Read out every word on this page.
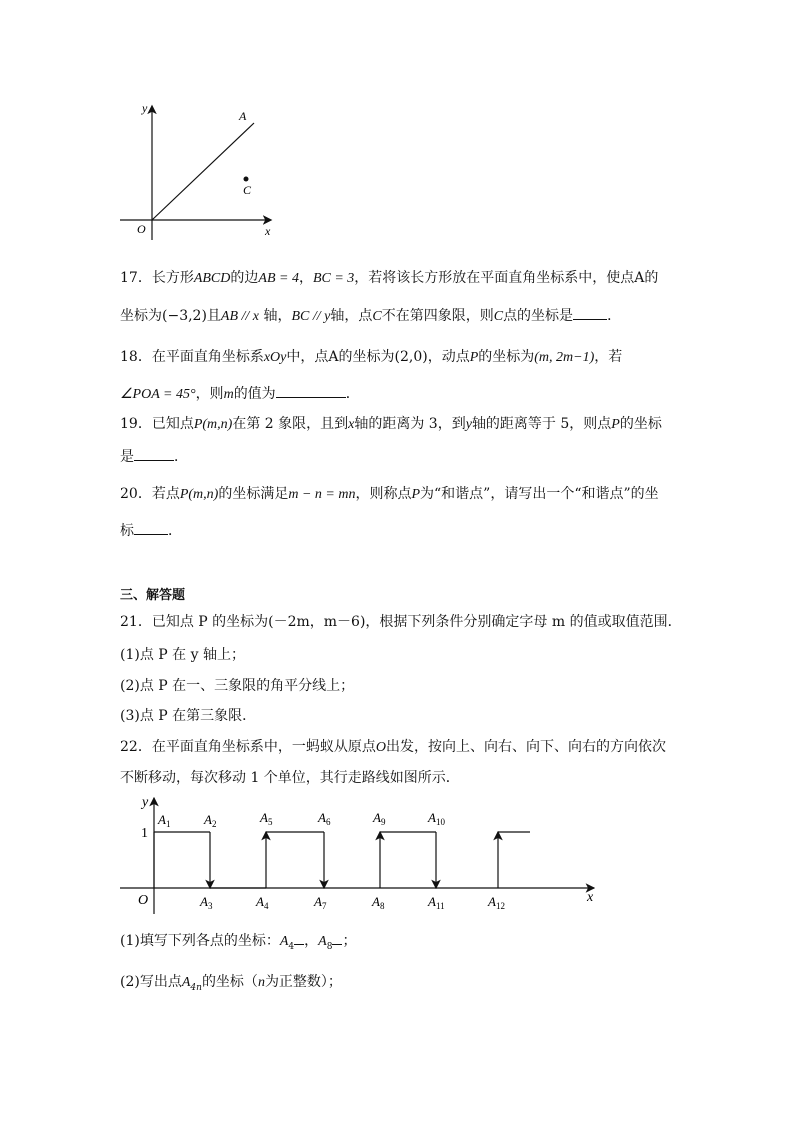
y
x
O
A
C
17．长方形ABCD的边AB = 4，BC = 3，若将该长方形放在平面直角坐标系中，使点A的
坐标为(−3,2)且AB // x 轴，BC // y轴，点C不在第四象限，则C点的坐标是 ．
18．在平面直角坐标系xOy中，点A的坐标为(2,0)，动点P的坐标为(m, 2m−1)，若
∠POA = 45°，则m的值为	．
19．已知点P(m,n)在第 2 象限，且到x轴的距离为 3，到y轴的距离等于 5，则点P的坐标
是	．
20．若点P(m,n)的坐标满足m − n = mn，则称点P为“和谐点”，请写出一个“和谐点”的坐
标 ．
三、解答题
21．已知点 P 的坐标为(－2m，m－6)，根据下列条件分别确定字母 m 的值或取值范围．
(1)点 P 在 y 轴上；
(2)点 P 在一、三象限的角平分线上；
(3)点 P 在第三象限．
22．在平面直角坐标系中，一蚂蚁从原点O出发，按向上、向右、向下、向右的方向依次
不断移动，每次移动 1 个单位，其行走路线如图所示．
y
x
O
1
$A_1$	$A_2$
$A_3$	$A_4$
$A_5$	$A_6$
$A_7$	$A_8$
$A_9$	$A_{10}$
$A_{11}$	$A_{12}$
(1)填写下列各点的坐标：$A_4$ ，$A_8$ ；
(2)写出点$A_{4n}$的坐标（n为正整数）；
